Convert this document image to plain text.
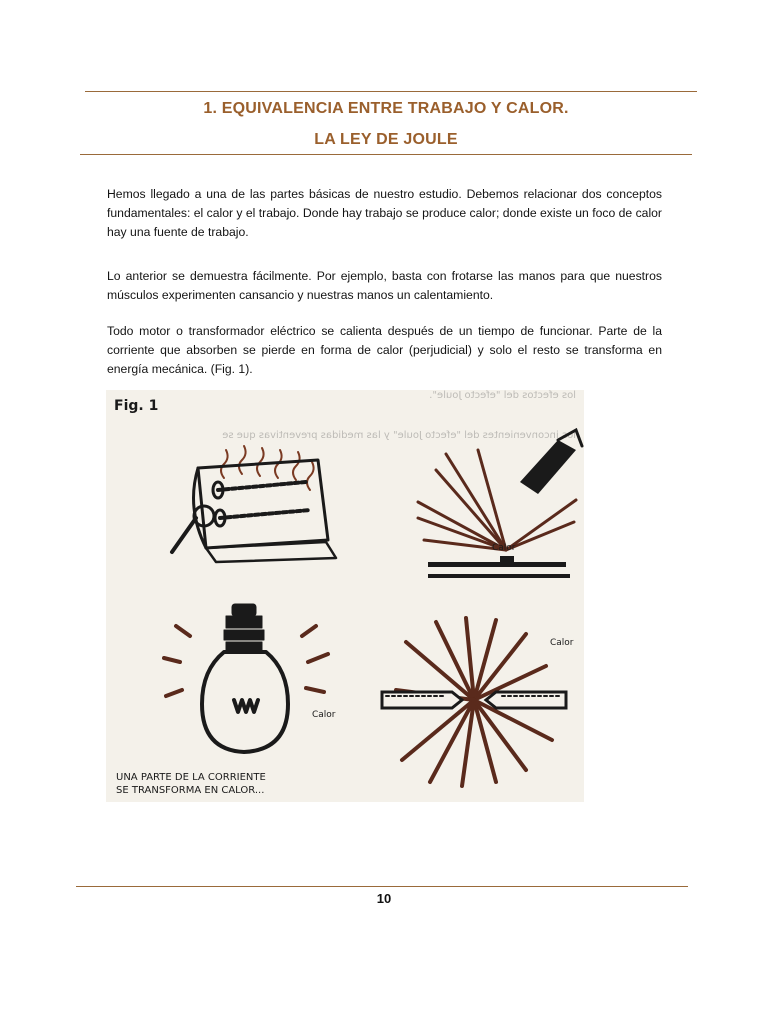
1. EQUIVALENCIA ENTRE TRABAJO Y CALOR.
LA LEY DE JOULE

Hemos llegado a una de las partes básicas de nuestro estudio. Debemos relacionar dos conceptos fundamentales: el calor y el trabajo. Donde hay trabajo se produce calor; donde existe un foco de calor hay una fuente de trabajo.

Lo anterior se demuestra fácilmente. Por ejemplo, basta con frotarse las manos para que nuestros músculos experimenten cansancio y nuestras manos un calentamiento.

Todo motor o transformador eléctrico se calienta después de un tiempo de funcionar. Parte de la corriente que absorben se pierde en forma de calor (perjudicial) y solo el resto se transforma en energía mecánica. (Fig. 1).

ios inconvenientes del "efecto Joule" y las medidas preventivas que se
los efectos del "efecto Joule".
Fig. 1
Calor
Calor
Calor
UNA PARTE DE LA CORRIENTE
SE TRANSFORMA EN CALOR...
10
